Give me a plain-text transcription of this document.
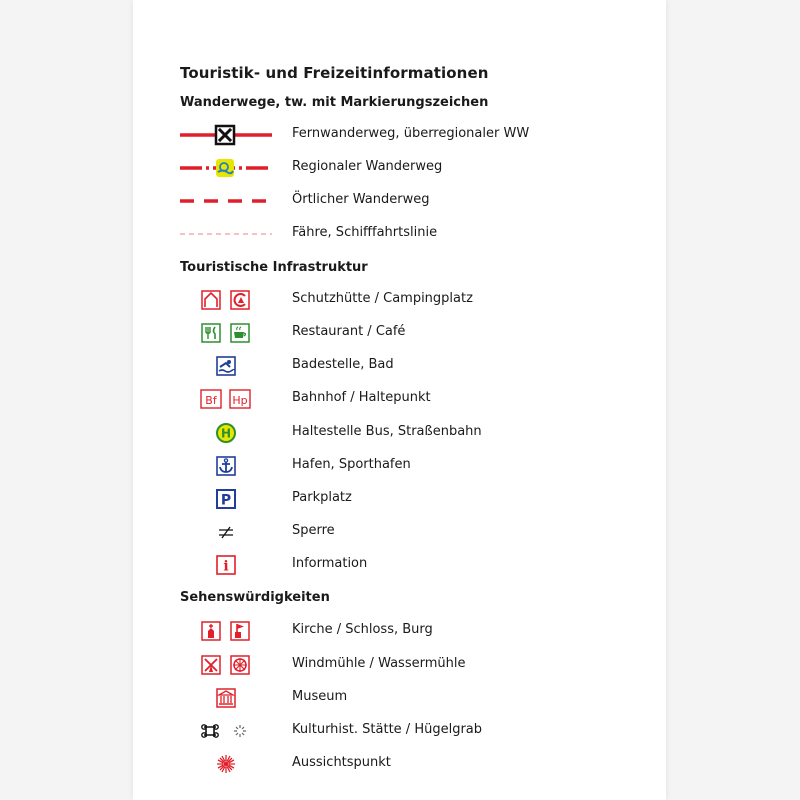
Touristik- und Freizeitinformationen
Wanderwege, tw. mit Markierungszeichen
Fernwanderweg, überregionaler WW
Regionaler Wanderweg
Örtlicher Wanderweg
Fähre, Schifffahrtslinie
Touristische Infrastruktur
Schutzhütte / Campingplatz
Restaurant / Café
Badestelle, Bad
Bf Hp	Bahnhof / Haltepunkt
H	Haltestelle Bus, Straßenbahn
Hafen, Sporthafen
P	Parkplatz
Sperre
i	Information
Sehenswürdigkeiten
Kirche / Schloss, Burg
Windmühle / Wassermühle
Museum
Kulturhist. Stätte / Hügelgrab
Aussichtspunkt
